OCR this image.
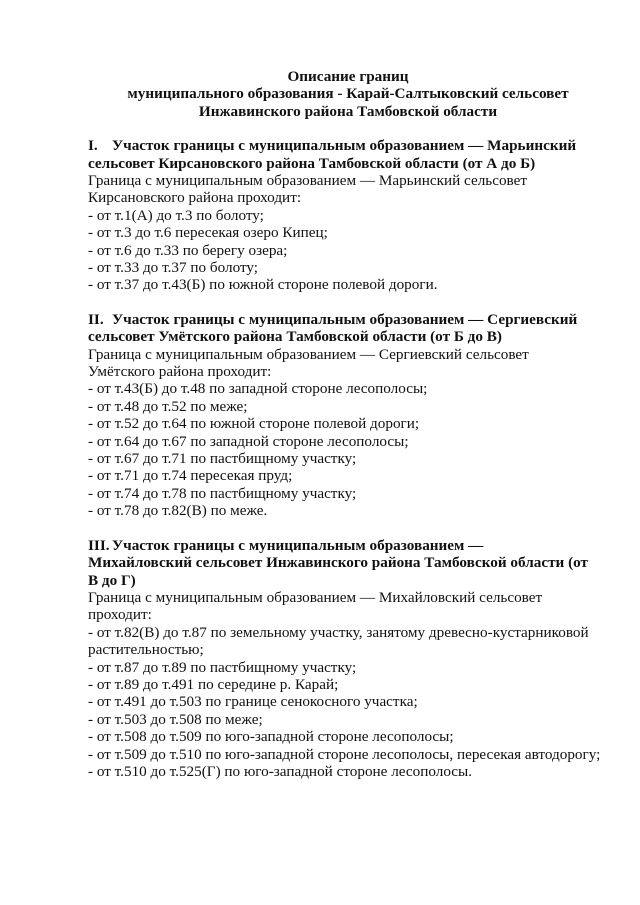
Описание границ
муниципального образования - Карай-Салтыковский сельсовет
Инжавинского района Тамбовской области
I. Участок границы с муниципальным образованием — Марьинский
сельсовет Кирсановского района Тамбовской области (от А до Б)
Граница с муниципальным образованием — Марьинский сельсовет
Кирсановского района проходит:
- от т.1(А) до т.3 по болоту;
- от т.3 до т.6 пересекая озеро Кипец;
- от т.6 до т.33 по берегу озера;
- от т.33 до т.37 по болоту;
- от т.37 до т.43(Б) по южной стороне полевой дороги.
II. Участок границы с муниципальным образованием — Сергиевский
сельсовет Умётского района Тамбовской области (от Б до В)
Граница с муниципальным образованием — Сергиевский сельсовет
Умётского района проходит:
- от т.43(Б) до т.48 по западной стороне лесополосы;
- от т.48 до т.52 по меже;
- от т.52 до т.64 по южной стороне полевой дороги;
- от т.64 до т.67 по западной стороне лесополосы;
- от т.67 до т.71 по пастбищному участку;
- от т.71 до т.74 пересекая пруд;
- от т.74 до т.78 по пастбищному участку;
- от т.78 до т.82(В) по меже.
III. Участок границы с муниципальным образованием —
Михайловский сельсовет Инжавинского района Тамбовской области (от
В до Г)
Граница с муниципальным образованием — Михайловский сельсовет
проходит:
- от т.82(В) до т.87 по земельному участку, занятому древесно-кустарниковой растительностью;
- от т.87 до т.89 по пастбищному участку;
- от т.89 до т.491 по середине р. Карай;
- от т.491 до т.503 по границе сенокосного участка;
- от т.503 до т.508 по меже;
- от т.508 до т.509 по юго-западной стороне лесополосы;
- от т.509 до т.510 по юго-западной стороне лесополосы, пересекая автодорогу;
- от т.510 до т.525(Г) по юго-западной стороне лесополосы.
